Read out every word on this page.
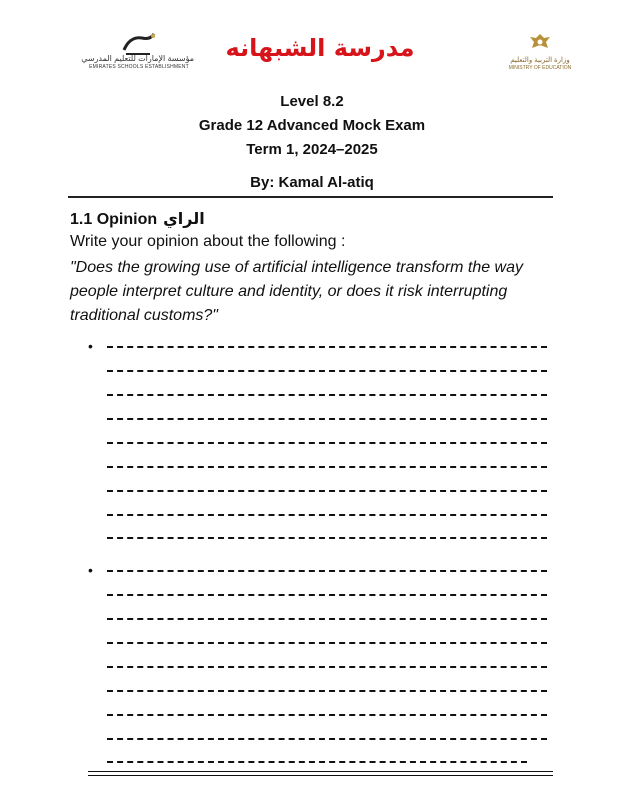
مؤسسة الإمارات للتعليم المدرسي
EMIRATES SCHOOLS ESTABLISHMENT
مدرسة الشبهانه	وزارة التربية والتعليم
MINISTRY OF EDUCATION
Level 8.2
Grade 12 Advanced Mock Exam
Term 1, 2024–2025
By: Kamal Al-atiq
1.1 Opinion الراي
Write your opinion about the following :
"Does the growing use of artificial intelligence transform the way people interpret culture and identity, or does it risk interrupting traditional customs?"
•
•
